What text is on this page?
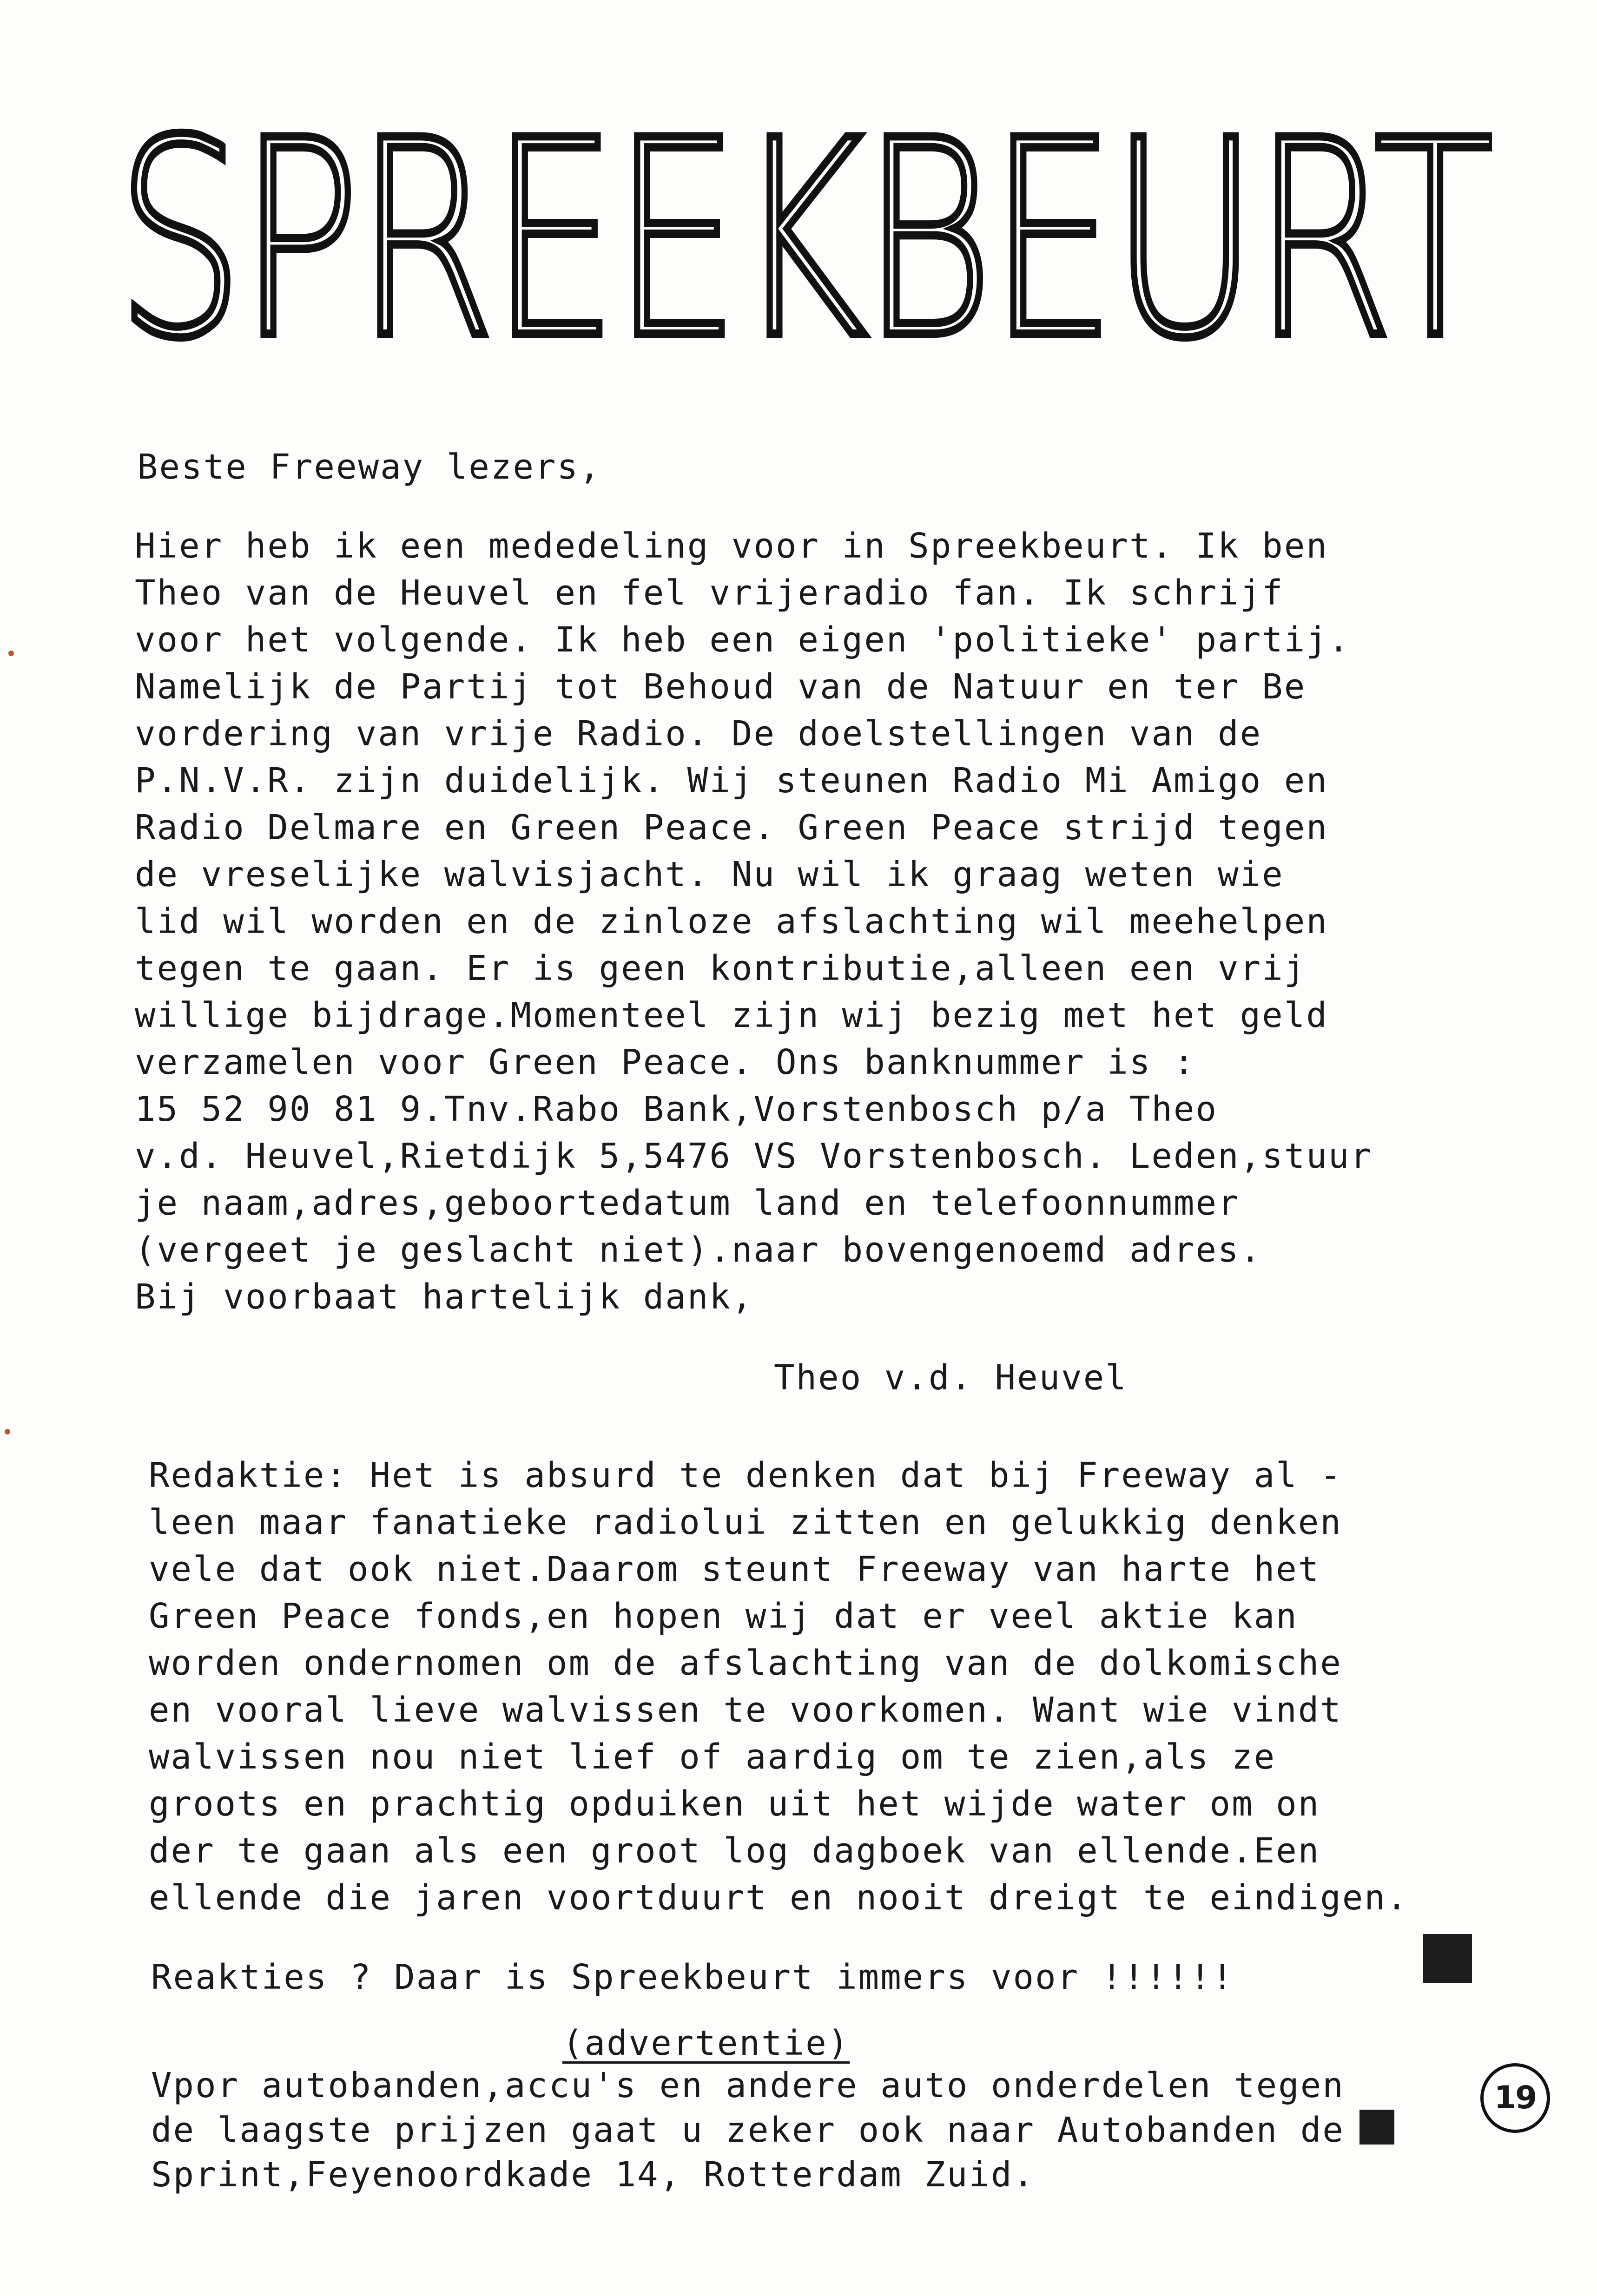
SPREEKBEURT
Beste Freeway lezers,
Hier heb ik een mededeling voor in Spreekbeurt. Ik ben
Theo van de Heuvel en fel vrijeradio fan. Ik schrijf
voor het volgende. Ik heb een eigen 'politieke' partij.
Namelijk de Partij tot Behoud van de Natuur en ter Be
vordering van vrije Radio. De doelstellingen van de
P.N.V.R. zijn duidelijk. Wij steunen Radio Mi Amigo en
Radio Delmare en Green Peace. Green Peace strijd tegen
de vreselijke walvisjacht. Nu wil ik graag weten wie
lid wil worden en de zinloze afslachting wil meehelpen
tegen te gaan. Er is geen kontributie,alleen een vrij
willige bijdrage.Momenteel zijn wij bezig met het geld
verzamelen voor Green Peace. Ons banknummer is :
15 52 90 81 9.Tnv.Rabo Bank,Vorstenbosch p/a Theo
v.d. Heuvel,Rietdijk 5,5476 VS Vorstenbosch. Leden,stuur
je naam,adres,geboortedatum land en telefoonnummer
(vergeet je geslacht niet).naar bovengenoemd adres.
Bij voorbaat hartelijk dank,
Theo v.d. Heuvel
Redaktie: Het is absurd te denken dat bij Freeway al -
leen maar fanatieke radiolui zitten en gelukkig denken
vele dat ook niet.Daarom steunt Freeway van harte het
Green Peace fonds,en hopen wij dat er veel aktie kan
worden ondernomen om de afslachting van de dolkomische
en vooral lieve walvissen te voorkomen. Want wie vindt
walvissen nou niet lief of aardig om te zien,als ze
groots en prachtig opduiken uit het wijde water om on
der te gaan als een groot log dagboek van ellende.Een
ellende die jaren voortduurt en nooit dreigt te eindigen.
Reakties ? Daar is Spreekbeurt immers voor !!!!!!
(advertentie)
Vpor autobanden,accu's en andere auto onderdelen tegen
de laagste prijzen gaat u zeker ook naar Autobanden de
Sprint,Feyenoordkade 14, Rotterdam Zuid.
19
